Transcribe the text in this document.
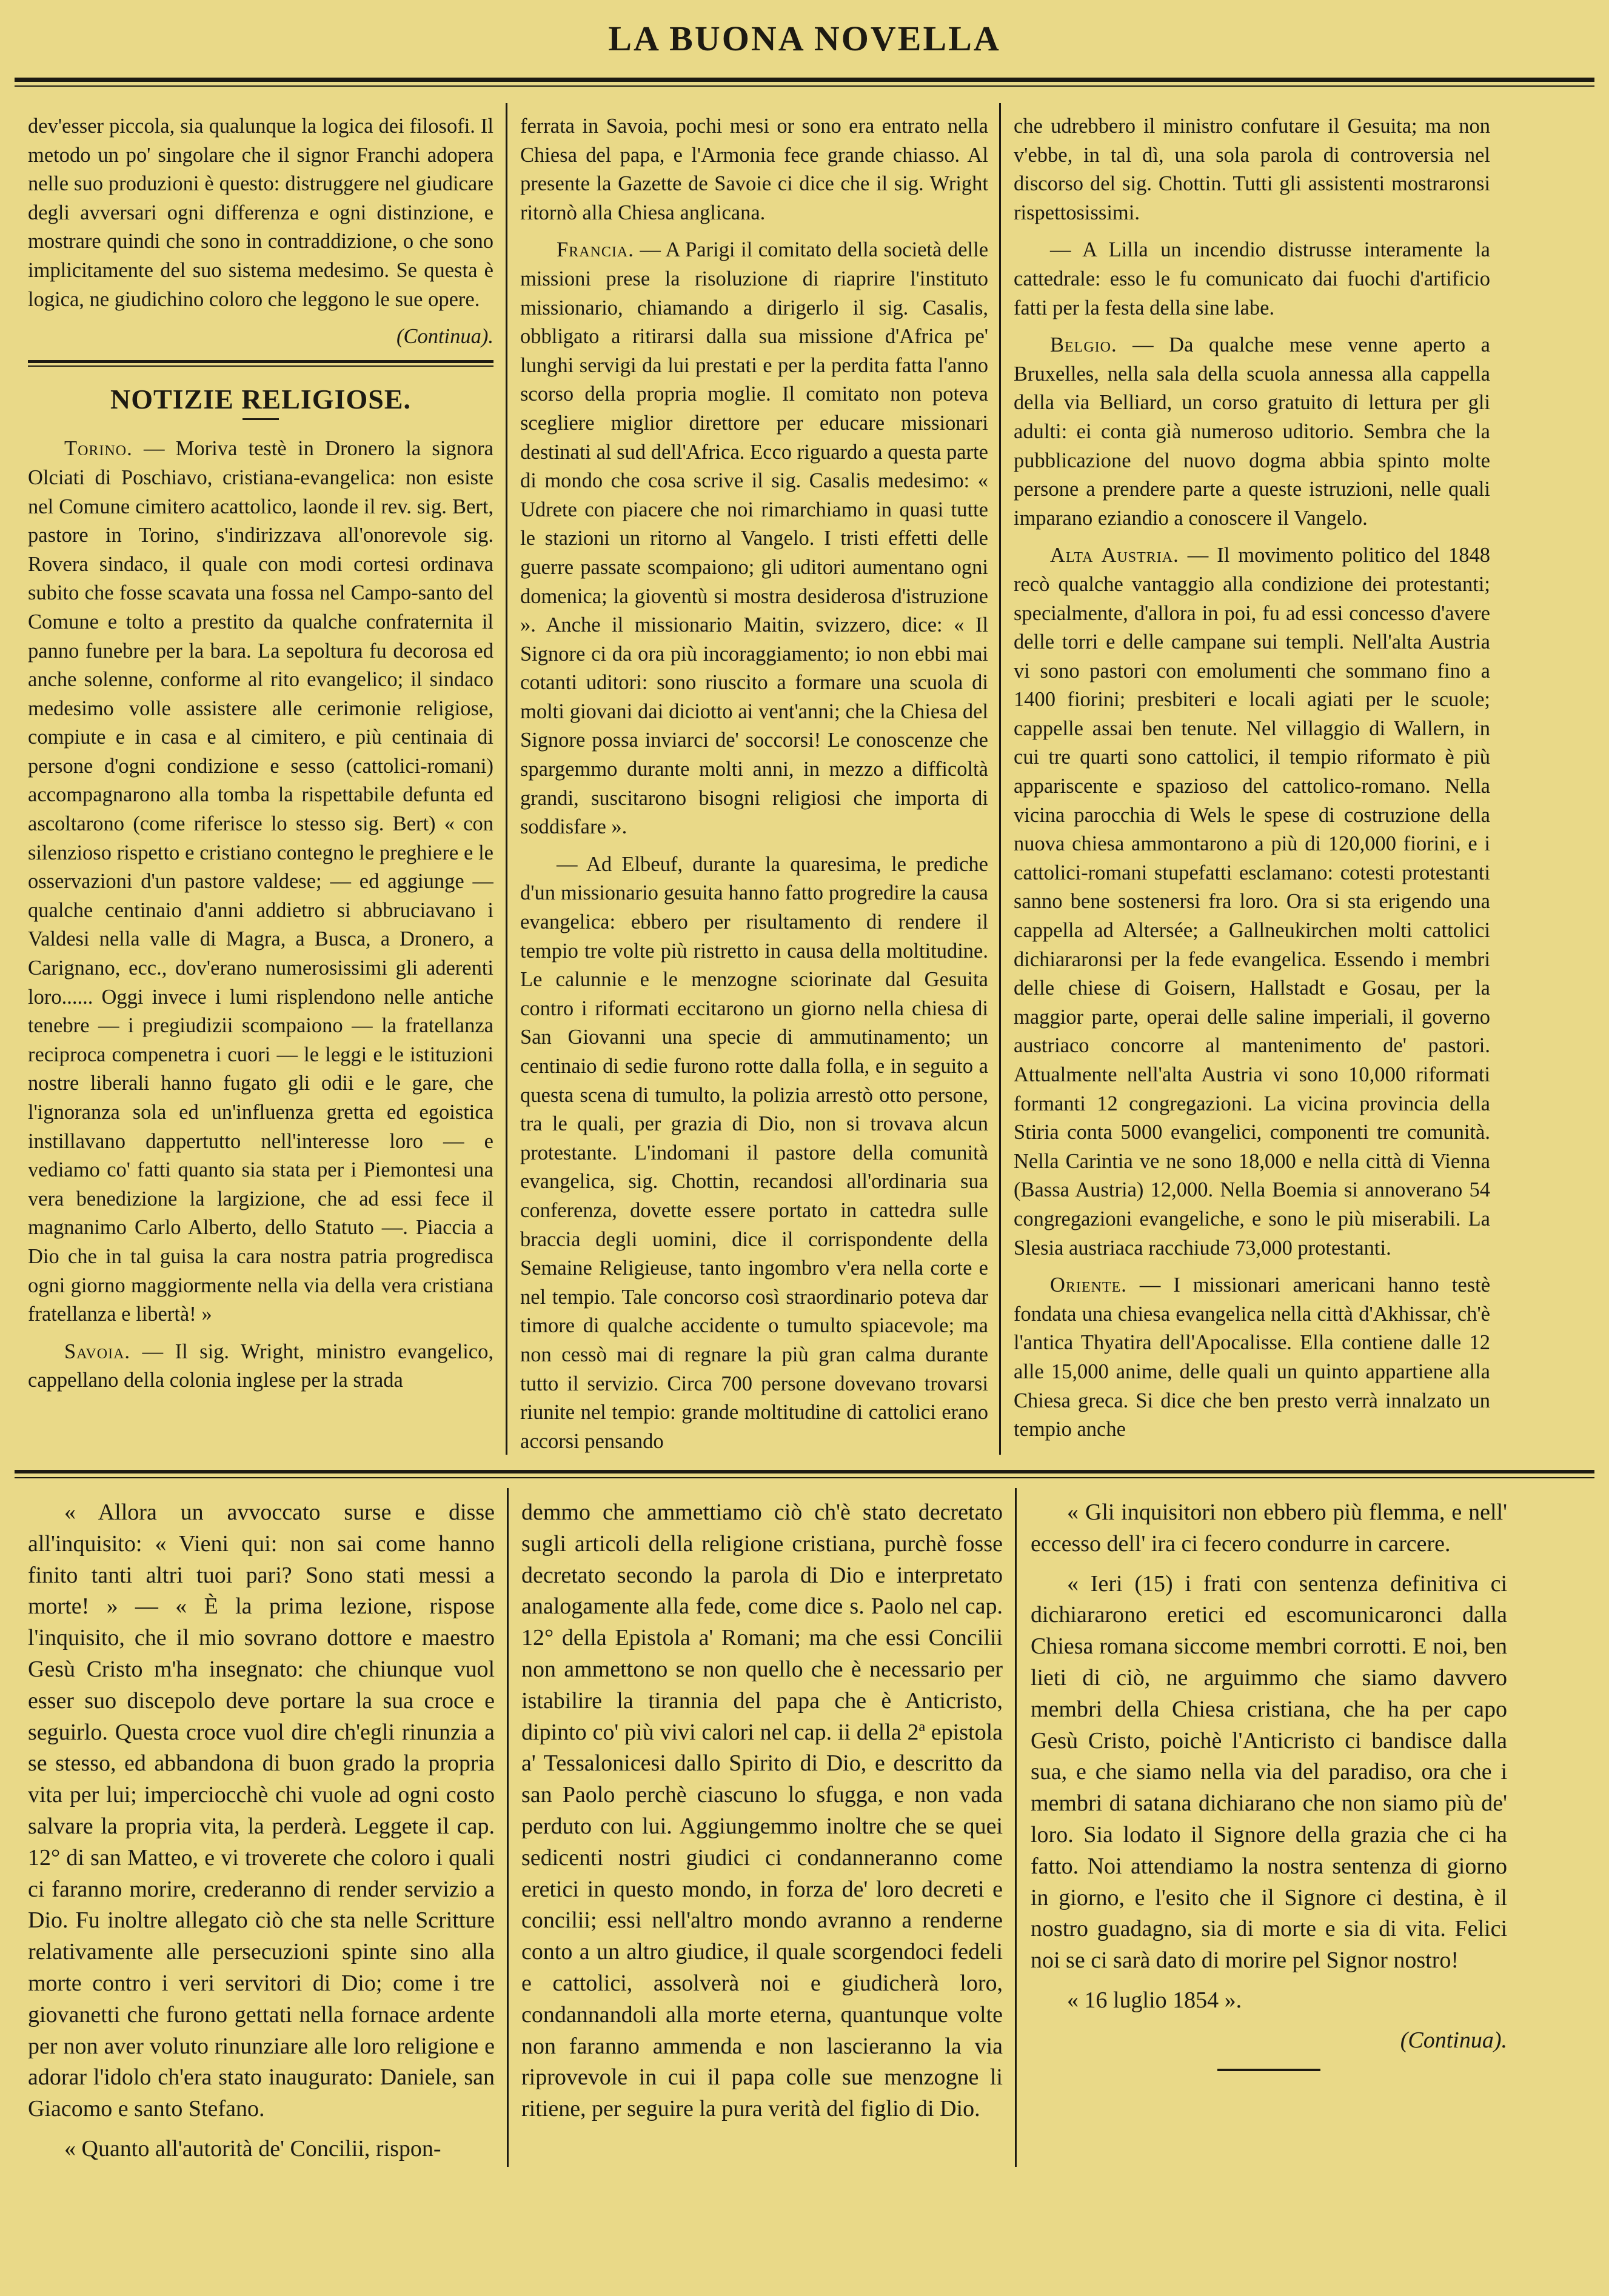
LA BUONA NOVELLA

dev'esser piccola, sia qualunque la logica dei filosofi. Il metodo un po' singolare che il signor Franchi adopera nelle suo produzioni è questo: distruggere nel giudicare degli avversari ogni differenza e ogni distinzione, e mostrare quindi che sono in contraddizione, o che sono implicitamente del suo sistema medesimo. Se questa è logica, ne giudichino coloro che leggono le sue opere.

(Continua).

NOTIZIE RELIGIOSE.

Torino. — Moriva testè in Dronero la signora Olciati di Poschiavo, cristiana-evangelica: non esiste nel Comune cimitero acattolico, laonde il rev. sig. Bert, pastore in Torino, s'indirizzava all'onorevole sig. Rovera sindaco, il quale con modi cortesi ordinava subito che fosse scavata una fossa nel Campo-santo del Comune e tolto a prestito da qualche confraternita il panno funebre per la bara. La sepoltura fu decorosa ed anche solenne, conforme al rito evangelico; il sindaco medesimo volle assistere alle cerimonie religiose, compiute e in casa e al cimitero, e più centinaia di persone d'ogni condizione e sesso (cattolici-romani) accompagnarono alla tomba la rispettabile defunta ed ascoltarono (come riferisce lo stesso sig. Bert) « con silenzioso rispetto e cristiano contegno le preghiere e le osservazioni d'un pastore valdese; — ed aggiunge — qualche centinaio d'anni addietro si abbruciavano i Valdesi nella valle di Magra, a Busca, a Dronero, a Carignano, ecc., dov'erano numerosissimi gli aderenti loro...... Oggi invece i lumi risplendono nelle antiche tenebre — i pregiudizii scompaiono — la fratellanza reciproca compenetra i cuori — le leggi e le istituzioni nostre liberali hanno fugato gli odii e le gare, che l'ignoranza sola ed un'influenza gretta ed egoistica instillavano dappertutto nell'interesse loro — e vediamo co' fatti quanto sia stata per i Piemontesi una vera benedizione la largizione, che ad essi fece il magnanimo Carlo Alberto, dello Statuto —. Piaccia a Dio che in tal guisa la cara nostra patria progredisca ogni giorno maggiormente nella via della vera cristiana fratellanza e libertà! »

Savoia. — Il sig. Wright, ministro evangelico, cappellano della colonia inglese per la strada

ferrata in Savoia, pochi mesi or sono era entrato nella Chiesa del papa, e l'Armonia fece grande chiasso. Al presente la Gazette de Savoie ci dice che il sig. Wright ritornò alla Chiesa anglicana.

Francia. — A Parigi il comitato della società delle missioni prese la risoluzione di riaprire l'instituto missionario, chiamando a dirigerlo il sig. Casalis, obbligato a ritirarsi dalla sua missione d'Africa pe' lunghi servigi da lui prestati e per la perdita fatta l'anno scorso della propria moglie. Il comitato non poteva scegliere miglior direttore per educare missionari destinati al sud dell'Africa. Ecco riguardo a questa parte di mondo che cosa scrive il sig. Casalis medesimo: « Udrete con piacere che noi rimarchiamo in quasi tutte le stazioni un ritorno al Vangelo. I tristi effetti delle guerre passate scompaiono; gli uditori aumentano ogni domenica; la gioventù si mostra desiderosa d'istruzione ». Anche il missionario Maitin, svizzero, dice: « Il Signore ci da ora più incoraggiamento; io non ebbi mai cotanti uditori: sono riuscito a formare una scuola di molti giovani dai diciotto ai vent'anni; che la Chiesa del Signore possa inviarci de' soccorsi! Le conoscenze che spargemmo durante molti anni, in mezzo a difficoltà grandi, suscitarono bisogni religiosi che importa di soddisfare ».

— Ad Elbeuf, durante la quaresima, le prediche d'un missionario gesuita hanno fatto progredire la causa evangelica: ebbero per risultamento di rendere il tempio tre volte più ristretto in causa della moltitudine. Le calunnie e le menzogne sciorinate dal Gesuita contro i riformati eccitarono un giorno nella chiesa di San Giovanni una specie di ammutinamento; un centinaio di sedie furono rotte dalla folla, e in seguito a questa scena di tumulto, la polizia arrestò otto persone, tra le quali, per grazia di Dio, non si trovava alcun protestante. L'indomani il pastore della comunità evangelica, sig. Chottin, recandosi all'ordinaria sua conferenza, dovette essere portato in cattedra sulle braccia degli uomini, dice il corrispondente della Semaine Religieuse, tanto ingombro v'era nella corte e nel tempio. Tale concorso così straordinario poteva dar timore di qualche accidente o tumulto spiacevole; ma non cessò mai di regnare la più gran calma durante tutto il servizio. Circa 700 persone dovevano trovarsi riunite nel tempio: grande moltitudine di cattolici erano accorsi pensando

che udrebbero il ministro confutare il Gesuita; ma non v'ebbe, in tal dì, una sola parola di controversia nel discorso del sig. Chottin. Tutti gli assistenti mostraronsi rispettosissimi.

— A Lilla un incendio distrusse interamente la cattedrale: esso le fu comunicato dai fuochi d'artificio fatti per la festa della sine labe.

Belgio. — Da qualche mese venne aperto a Bruxelles, nella sala della scuola annessa alla cappella della via Belliard, un corso gratuito di lettura per gli adulti: ei conta già numeroso uditorio. Sembra che la pubblicazione del nuovo dogma abbia spinto molte persone a prendere parte a queste istruzioni, nelle quali imparano eziandio a conoscere il Vangelo.

Alta Austria. — Il movimento politico del 1848 recò qualche vantaggio alla condizione dei protestanti; specialmente, d'allora in poi, fu ad essi concesso d'avere delle torri e delle campane sui templi. Nell'alta Austria vi sono pastori con emolumenti che sommano fino a 1400 fiorini; presbiteri e locali agiati per le scuole; cappelle assai ben tenute. Nel villaggio di Wallern, in cui tre quarti sono cattolici, il tempio riformato è più appariscente e spazioso del cattolico-romano. Nella vicina parocchia di Wels le spese di costruzione della nuova chiesa ammontarono a più di 120,000 fiorini, e i cattolici-romani stupefatti esclamano: cotesti protestanti sanno bene sostenersi fra loro. Ora si sta erigendo una cappella ad Altersée; a Gallneukirchen molti cattolici dichiararonsi per la fede evangelica. Essendo i membri delle chiese di Goisern, Hallstadt e Gosau, per la maggior parte, operai delle saline imperiali, il governo austriaco concorre al mantenimento de' pastori. Attualmente nell'alta Austria vi sono 10,000 riformati formanti 12 congregazioni. La vicina provincia della Stiria conta 5000 evangelici, componenti tre comunità. Nella Carintia ve ne sono 18,000 e nella città di Vienna (Bassa Austria) 12,000. Nella Boemia si annoverano 54 congregazioni evangeliche, e sono le più miserabili. La Slesia austriaca racchiude 73,000 protestanti.

Oriente. — I missionari americani hanno testè fondata una chiesa evangelica nella città d'Akhissar, ch'è l'antica Thyatira dell'Apocalisse. Ella contiene dalle 12 alle 15,000 anime, delle quali un quinto appartiene alla Chiesa greca. Si dice che ben presto verrà innalzato un tempio anche

« Allora un avvoccato surse e disse all'inquisito: « Vieni qui: non sai come hanno finito tanti altri tuoi pari? Sono stati messi a morte! » — « È la prima lezione, rispose l'inquisito, che il mio sovrano dottore e maestro Gesù Cristo m'ha insegnato: che chiunque vuol esser suo discepolo deve portare la sua croce e seguirlo. Questa croce vuol dire ch'egli rinunzia a se stesso, ed abbandona di buon grado la propria vita per lui; imperciocchè chi vuole ad ogni costo salvare la propria vita, la perderà. Leggete il cap. 12° di san Matteo, e vi troverete che coloro i quali ci faranno morire, crederanno di render servizio a Dio. Fu inoltre allegato ciò che sta nelle Scritture relativamente alle persecuzioni spinte sino alla morte contro i veri servitori di Dio; come i tre giovanetti che furono gettati nella fornace ardente per non aver voluto rinunziare alle loro religione e adorar l'idolo ch'era stato inaugurato: Daniele, san Giacomo e santo Stefano.

« Quanto all'autorità de' Concilii, rispon-

demmo che ammettiamo ciò ch'è stato decretato sugli articoli della religione cristiana, purchè fosse decretato secondo la parola di Dio e interpretato analogamente alla fede, come dice s. Paolo nel cap. 12° della Epistola a' Romani; ma che essi Concilii non ammettono se non quello che è necessario per istabilire la tirannia del papa che è Anticristo, dipinto co' più vivi calori nel cap. ii della 2ª epistola a' Tessalonicesi dallo Spirito di Dio, e descritto da san Paolo perchè ciascuno lo sfugga, e non vada perduto con lui. Aggiungemmo inoltre che se quei sedicenti nostri giudici ci condanneranno come eretici in questo mondo, in forza de' loro decreti e concilii; essi nell'altro mondo avranno a renderne conto a un altro giudice, il quale scorgendoci fedeli e cattolici, assolverà noi e giudicherà loro, condannandoli alla morte eterna, quantunque volte non faranno ammenda e non lascieranno la via riprovevole in cui il papa colle sue menzogne li ritiene, per seguire la pura verità del figlio di Dio.

« Gli inquisitori non ebbero più flemma, e nell' eccesso dell' ira ci fecero condurre in carcere.

« Ieri (15) i frati con sentenza definitiva ci dichiararono eretici ed escomunicaronci dalla Chiesa romana siccome membri corrotti. E noi, ben lieti di ciò, ne arguimmo che siamo davvero membri della Chiesa cristiana, che ha per capo Gesù Cristo, poichè l'Anticristo ci bandisce dalla sua, e che siamo nella via del paradiso, ora che i membri di satana dichiarano che non siamo più de' loro. Sia lodato il Signore della grazia che ci ha fatto. Noi attendiamo la nostra sentenza di giorno in giorno, e l'esito che il Signore ci destina, è il nostro guadagno, sia di morte e sia di vita. Felici noi se ci sarà dato di morire pel Signor nostro!

« 16 luglio 1854 ».

(Continua).
